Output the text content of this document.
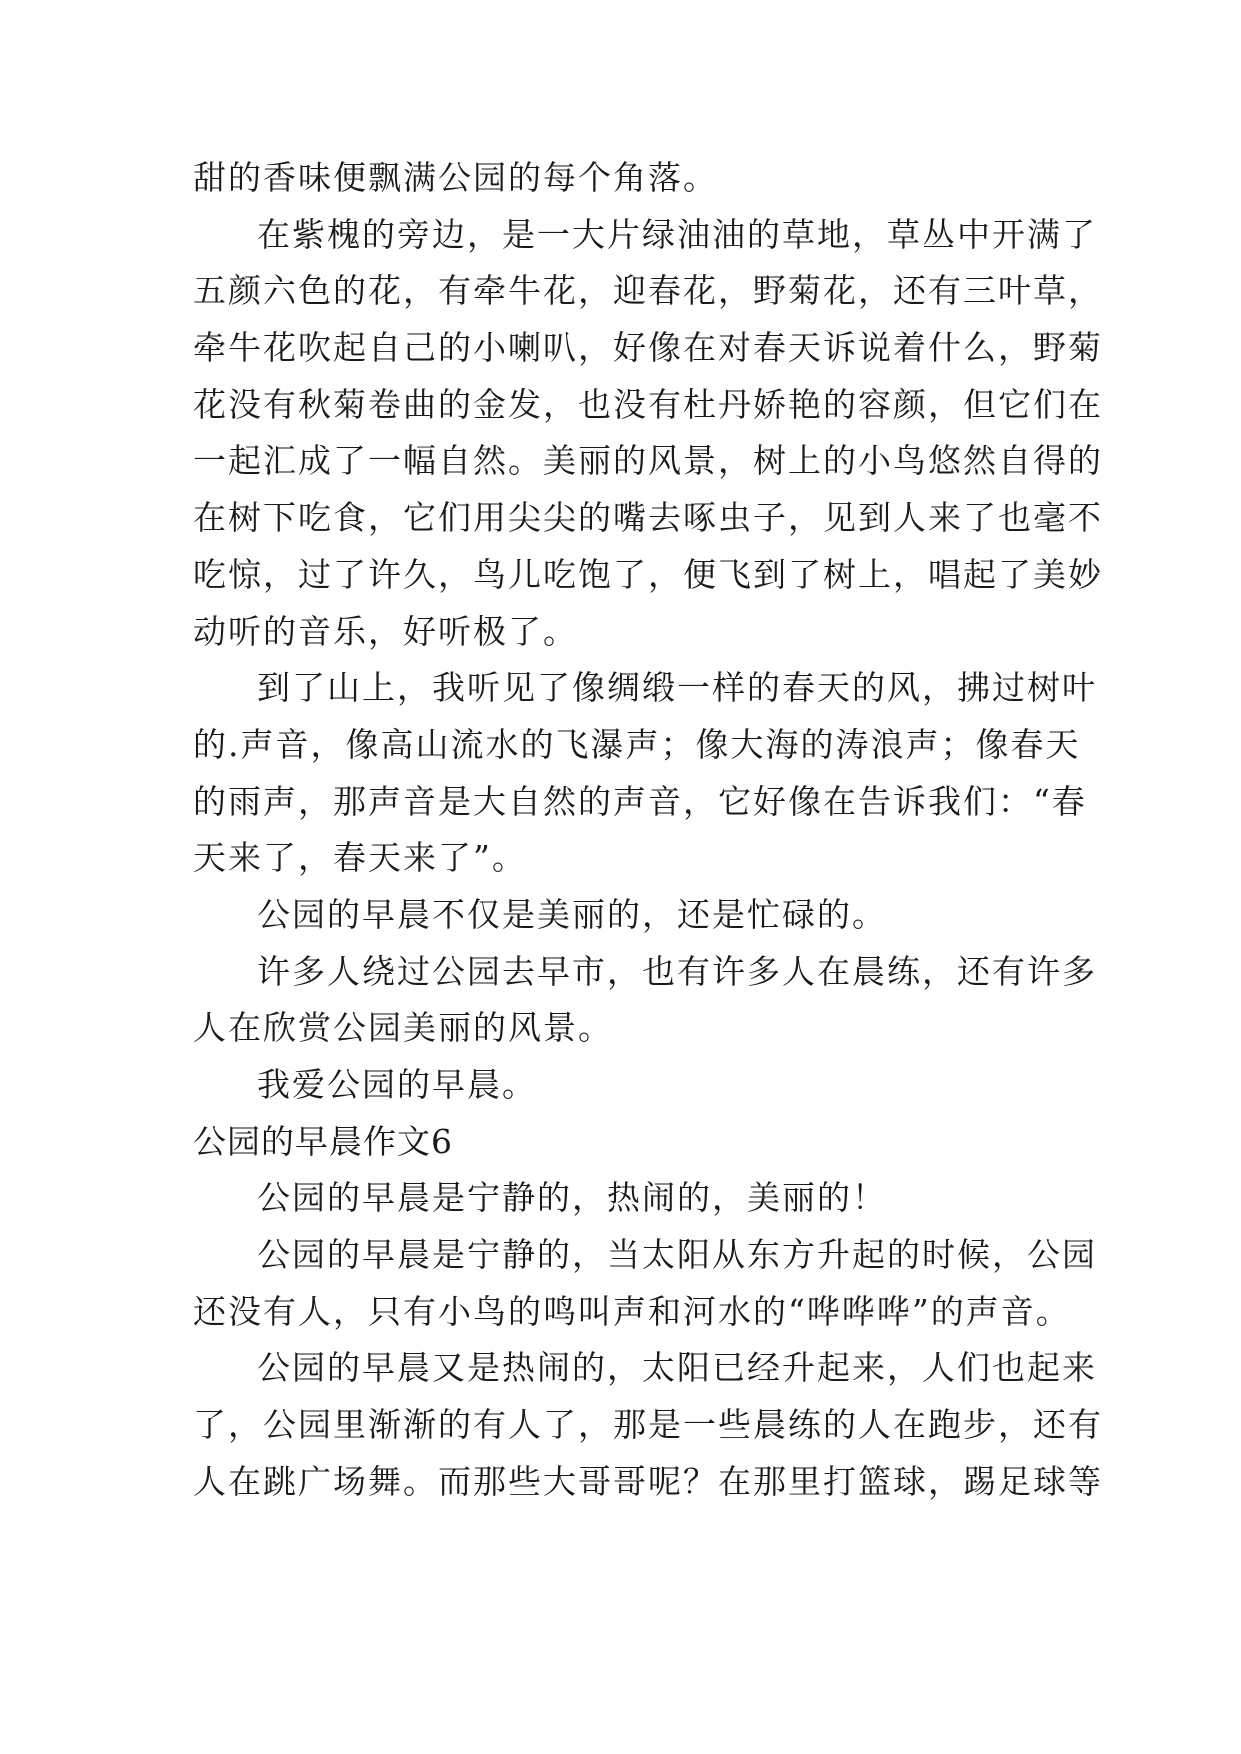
甜的香味便飘满公园的每个角落。
在紫槐的旁边，是一大片绿油油的草地，草丛中开满了
五颜六色的花，有牵牛花，迎春花，野菊花，还有三叶草，
牵牛花吹起自己的小喇叭，好像在对春天诉说着什么，野菊
花没有秋菊卷曲的金发，也没有杜丹娇艳的容颜，但它们在
一起汇成了一幅自然。美丽的风景，树上的小鸟悠然自得的
在树下吃食，它们用尖尖的嘴去啄虫子，见到人来了也毫不
吃惊，过了许久，鸟儿吃饱了，便飞到了树上，唱起了美妙
动听的音乐，好听极了。
到了山上，我听见了像绸缎一样的春天的风，拂过树叶
的.声音，像高山流水的飞瀑声；像大海的涛浪声；像春天
的雨声，那声音是大自然的声音，它好像在告诉我们：“春
天来了，春天来了”。
公园的早晨不仅是美丽的，还是忙碌的。
许多人绕过公园去早市，也有许多人在晨练，还有许多
人在欣赏公园美丽的风景。
我爱公园的早晨。
公园的早晨作文6
公园的早晨是宁静的，热闹的，美丽的！
公园的早晨是宁静的，当太阳从东方升起的时候，公园
还没有人，只有小鸟的鸣叫声和河水的“哗哗哗”的声音。
公园的早晨又是热闹的，太阳已经升起来，人们也起来
了，公园里渐渐的有人了，那是一些晨练的人在跑步，还有
人在跳广场舞。而那些大哥哥呢？在那里打篮球，踢足球等
